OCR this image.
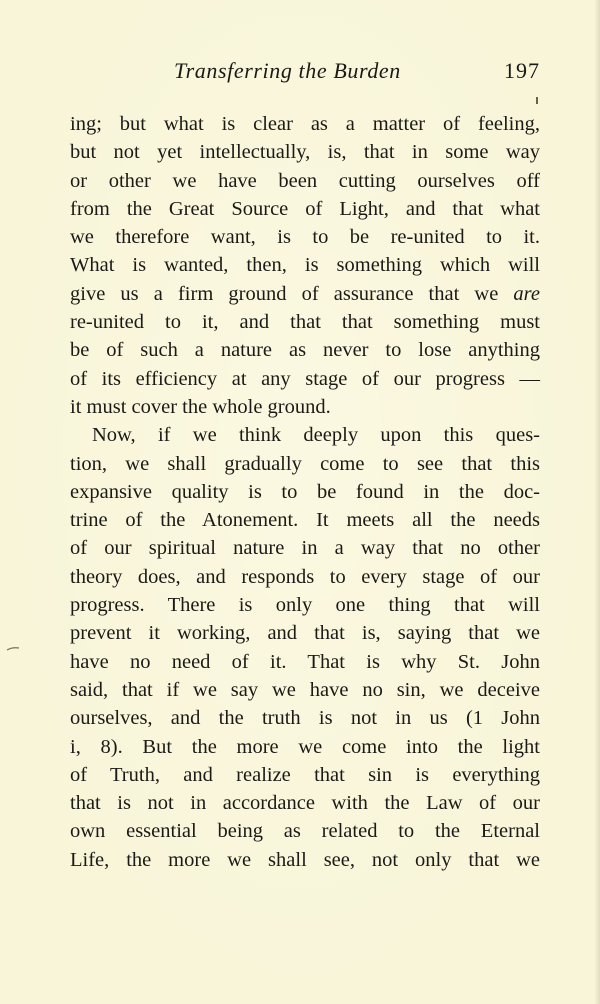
Transferring the Burden	197
ing; but what is clear as a matter of feeling,
but not yet intellectually, is, that in some way
or other we have been cutting ourselves off
from the Great Source of Light, and that what
we therefore want, is to be re-united to it.
What is wanted, then, is something which will
give us a firm ground of assurance that we are
re-united to it, and that that something must
be of such a nature as never to lose anything
of its efficiency at any stage of our progress —
it must cover the whole ground.
Now, if we think deeply upon this ques-
tion, we shall gradually come to see that this
expansive quality is to be found in the doc-
trine of the Atonement. It meets all the needs
of our spiritual nature in a way that no other
theory does, and responds to every stage of our
progress. There is only one thing that will
prevent it working, and that is, saying that we
have no need of it. That is why St. John
said, that if we say we have no sin, we deceive
ourselves, and the truth is not in us (1 John
i, 8). But the more we come into the light
of Truth, and realize that sin is everything
that is not in accordance with the Law of our
own essential being as related to the Eternal
Life, the more we shall see, not only that we
